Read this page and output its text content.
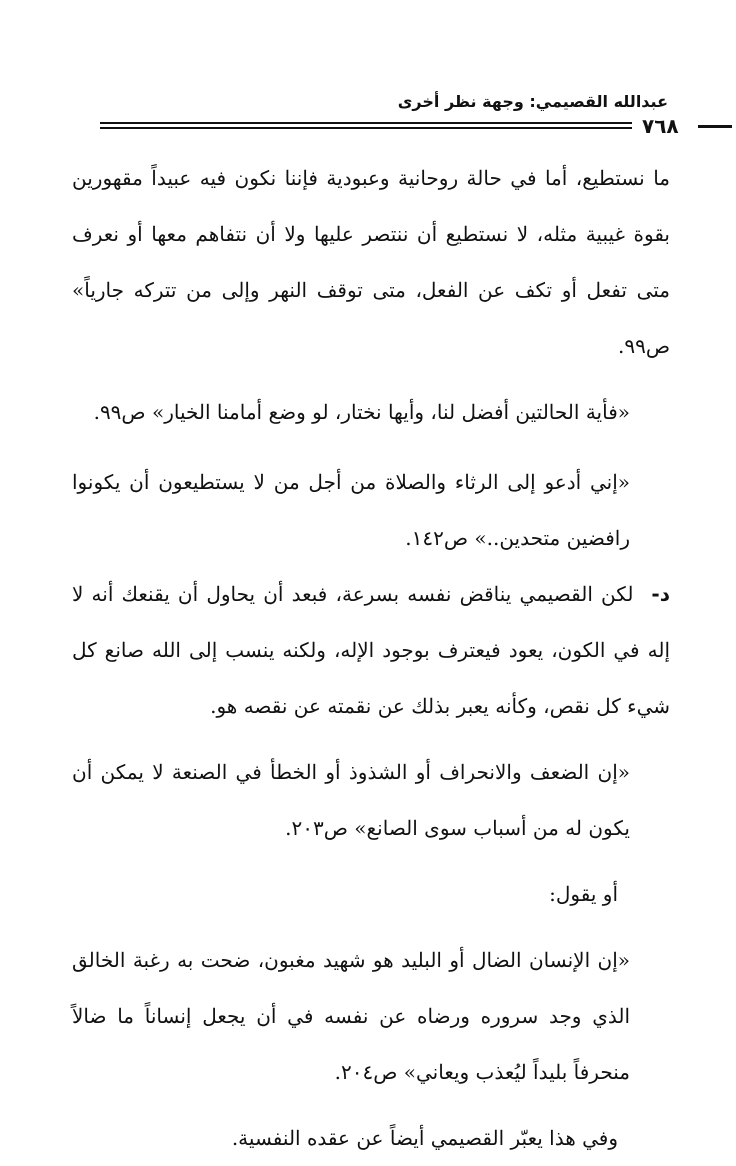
عبدالله القصيمي: وجهة نظر أخرى
٧٦٨

ما نستطيع، أما في حالة روحانية وعبودية فإننا نكون فيه عبيداً مقهورين بقوة غيبية مثله، لا نستطيع أن ننتصر عليها ولا أن نتفاهم معها أو نعرف متى تفعل أو تكف عن الفعل، متى توقف النهر وإلى من تتركه جارياً» ص٩٩.

«فأية الحالتين أفضل لنا، وأيها نختار، لو وضع أمامنا الخيار» ص٩٩.

«إني أدعو إلى الرثاء والصلاة من أجل من لا يستطيعون أن يكونوا رافضين متحدين..» ص١٤٢.

د-لكن القصيمي يناقض نفسه بسرعة، فبعد أن يحاول أن يقنعك أنه لا إله في الكون، يعود فيعترف بوجود الإله، ولكنه ينسب إلى الله صانع كل شيء كل نقص، وكأنه يعبر بذلك عن نقمته عن نقصه هو.

«إن الضعف والانحراف أو الشذوذ أو الخطأ في الصنعة لا يمكن أن يكون له من أسباب سوى الصانع» ص٢٠٣.

أو يقول:

«إن الإنسان الضال أو البليد هو شهيد مغبون، ضحت به رغبة الخالق الذي وجد سروره ورضاه عن نفسه في أن يجعل إنساناً ما ضالاً منحرفاً بليداً ليُعذب ويعاني» ص٢٠٤.

وفي هذا يعبّر القصيمي أيضاً عن عقده النفسية.
